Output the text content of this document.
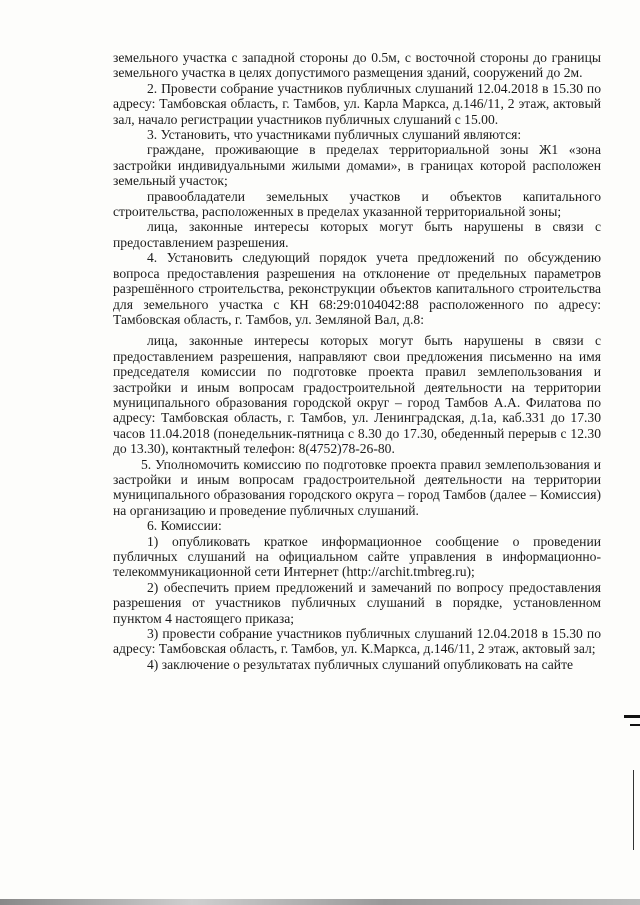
земельного участка с западной стороны до 0.5м, с восточной стороны до границы земельного участка в целях допустимого размещения зданий, сооружений до 2м.

2. Провести собрание участников публичных слушаний 12.04.2018 в 15.30 по адресу: Тамбовская область, г. Тамбов, ул. Карла Маркса, д.146/11, 2 этаж, актовый зал, начало регистрации участников публичных слушаний с 15.00.

3. Установить, что участниками публичных слушаний являются:

граждане, проживающие в пределах территориальной зоны Ж1 «зона застройки индивидуальными жилыми домами», в границах которой расположен земельный участок;

правообладатели земельных участков и объектов капитального строительства, расположенных в пределах указанной территориальной зоны;

лица, законные интересы которых могут быть нарушены в связи с предоставлением разрешения.

4. Установить следующий порядок учета предложений по обсуждению вопроса предоставления разрешения на отклонение от предельных параметров разрешённого строительства, реконструкции объектов капитального строительства для земельного участка с КН 68:29:0104042:88 расположенного по адресу: Тамбовская область, г. Тамбов, ул. Земляной Вал, д.8:

лица, законные интересы которых могут быть нарушены в связи с предоставлением разрешения, направляют свои предложения письменно на имя председателя комиссии по подготовке проекта правил землепользования и застройки и иным вопросам градостроительной деятельности на территории муниципального образования городской округ – город Тамбов А.А. Филатова по адресу: Тамбовская область, г. Тамбов, ул. Ленинградская, д.1а, каб.331 до 17.30 часов 11.04.2018 (понедельник-пятница с 8.30 до 17.30, обеденный перерыв с 12.30 до 13.30), контактный телефон: 8(4752)78-26-80.

5. Уполномочить комиссию по подготовке проекта правил землепользования и застройки и иным вопросам градостроительной деятельности на территории муниципального образования городского округа – город Тамбов (далее – Комиссия) на организацию и проведение публичных слушаний.

6. Комиссии:

1) опубликовать краткое информационное сообщение о проведении публичных слушаний на официальном сайте управления в информационно-телекоммуникационной сети Интернет (http://archit.tmbreg.ru);

2) обеспечить прием предложений и замечаний по вопросу предоставления разрешения от участников публичных слушаний в порядке, установленном пунктом 4 настоящего приказа;

3) провести собрание участников публичных слушаний 12.04.2018 в 15.30 по адресу: Тамбовская область, г. Тамбов, ул. К.Маркса, д.146/11, 2 этаж, актовый зал;

4) заключение о результатах публичных слушаний опубликовать на сайте
